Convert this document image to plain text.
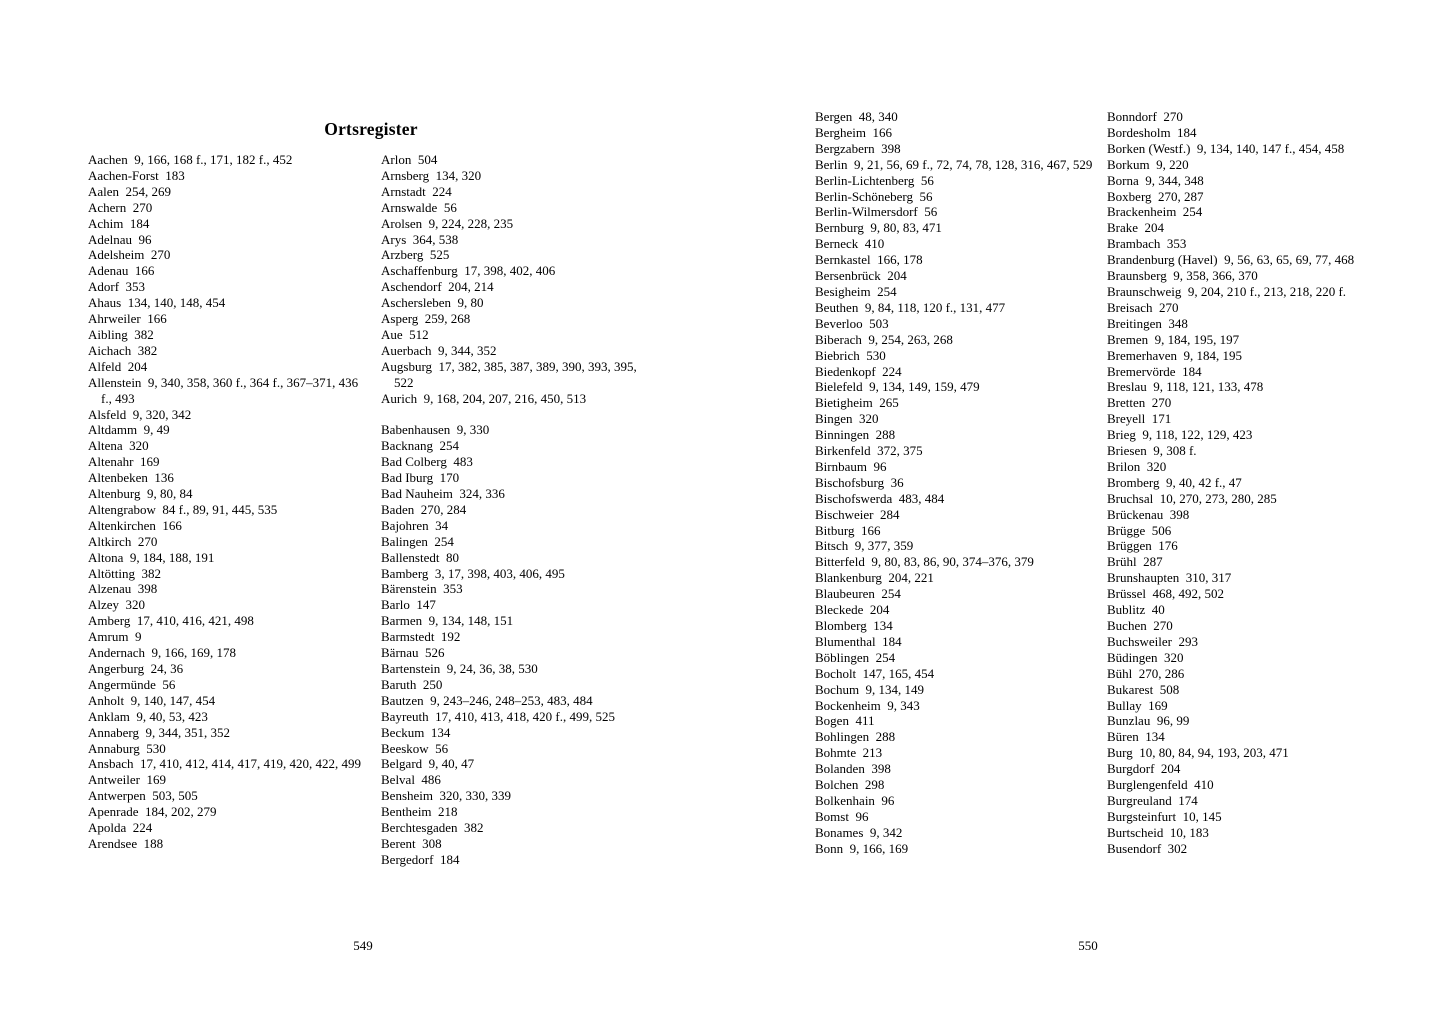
Ortsregister
Aachen  9, 166, 168 f., 171, 182 f., 452
Aachen-Forst  183
Aalen  254, 269
Achern  270
Achim  184
Adelnau  96
Adelsheim  270
Adenau  166
Adorf  353
Ahaus  134, 140, 148, 454
Ahrweiler  166
Aibling  382
Aichach  382
Alfeld  204
Allenstein  9, 340, 358, 360 f., 364 f., 367–371, 436 f., 493
Alsfeld  9, 320, 342
Altdamm  9, 49
Altena  320
Altenahr  169
Altenbeken  136
Altenburg  9, 80, 84
Altengrabow  84 f., 89, 91, 445, 535
Altenkirchen  166
Altkirch  270
Altona  9, 184, 188, 191
Altötting  382
Alzenau  398
Alzey  320
Amberg  17, 410, 416, 421, 498
Amrum  9
Andernach  9, 166, 169, 178
Angerburg  24, 36
Angermünde  56
Anholt  9, 140, 147, 454
Anklam  9, 40, 53, 423
Annaberg  9, 344, 351, 352
Annaburg  530
Ansbach  17, 410, 412, 414, 417, 419, 420, 422, 499
Antweiler  169
Antwerpen  503, 505
Apenrade  184, 202, 279
Apolda  224
Arendsee  188
Arlon  504
Arnsberg  134, 320
Arnstadt  224
Arnswalde  56
Arolsen  9, 224, 228, 235
Arys  364, 538
Arzberg  525
Aschaffenburg  17, 398, 402, 406
Aschendorf  204, 214
Aschersleben  9, 80
Asperg  259, 268
Aue  512
Auerbach  9, 344, 352
Augsburg  17, 382, 385, 387, 389, 390, 393, 395, 522
Aurich  9, 168, 204, 207, 216, 450, 513
Babenhausen  9, 330
Backnang  254
Bad Colberg  483
Bad Iburg  170
Bad Nauheim  324, 336
Baden  270, 284
Bajohren  34
Balingen  254
Ballenstedt  80
Bamberg  3, 17, 398, 403, 406, 495
Bärenstein  353
Barlo  147
Barmen  9, 134, 148, 151
Barmstedt  192
Bärnau  526
Bartenstein  9, 24, 36, 38, 530
Baruth  250
Bautzen  9, 243–246, 248–253, 483, 484
Bayreuth  17, 410, 413, 418, 420 f., 499, 525
Beckum  134
Beeskow  56
Belgard  9, 40, 47
Belval  486
Bensheim  320, 330, 339
Bentheim  218
Berchtesgaden  382
Berent  308
Bergedorf  184
Bergen  48, 340
Bergheim  166
Bergzabern  398
Berlin  9, 21, 56, 69 f., 72, 74, 78, 128, 316, 467, 529
Berlin-Lichtenberg  56
Berlin-Schöneberg  56
Berlin-Wilmersdorf  56
Bernburg  9, 80, 83, 471
Berneck  410
Bernkastel  166, 178
Bersenbrück  204
Besigheim  254
Beuthen  9, 84, 118, 120 f., 131, 477
Beverloo  503
Biberach  9, 254, 263, 268
Biebrich  530
Biedenkopf  224
Bielefeld  9, 134, 149, 159, 479
Bietigheim  265
Bingen  320
Binningen  288
Birkenfeld  372, 375
Birnbaum  96
Bischofsburg  36
Bischofswerda  483, 484
Bischweier  284
Bitburg  166
Bitsch  9, 377, 359
Bitterfeld  9, 80, 83, 86, 90, 374–376, 379
Blankenburg  204, 221
Blaubeuren  254
Bleckede  204
Blomberg  134
Blumenthal  184
Böblingen  254
Bocholt  147, 165, 454
Bochum  9, 134, 149
Bockenheim  9, 343
Bogen  411
Bohlingen  288
Bohmte  213
Bolanden  398
Bolchen  298
Bolkenhain  96
Bomst  96
Bonames  9, 342
Bonn  9, 166, 169
Bonndorf  270
Bordesholm  184
Borken (Westf.)  9, 134, 140, 147 f., 454, 458
Borkum  9, 220
Borna  9, 344, 348
Boxberg  270, 287
Brackenheim  254
Brake  204
Brambach  353
Brandenburg (Havel)  9, 56, 63, 65, 69, 77, 468
Braunsberg  9, 358, 366, 370
Braunschweig  9, 204, 210 f., 213, 218, 220 f.
Breisach  270
Breitingen  348
Bremen  9, 184, 195, 197
Bremerhaven  9, 184, 195
Bremervörde  184
Breslau  9, 118, 121, 133, 478
Bretten  270
Breyell  171
Brieg  9, 118, 122, 129, 423
Briesen  9, 308 f.
Brilon  320
Bromberg  9, 40, 42 f., 47
Bruchsal  10, 270, 273, 280, 285
Brückenau  398
Brügge  506
Brüggen  176
Brühl  287
Brunshaupten  310, 317
Brüssel  468, 492, 502
Bublitz  40
Buchen  270
Buchsweiler  293
Büdingen  320
Bühl  270, 286
Bukarest  508
Bullay  169
Bunzlau  96, 99
Büren  134
Burg  10, 80, 84, 94, 193, 203, 471
Burgdorf  204
Burglengenfeld  410
Burgreuland  174
Burgsteinfurt  10, 145
Burtscheid  10, 183
Busendorf  302
549	550
